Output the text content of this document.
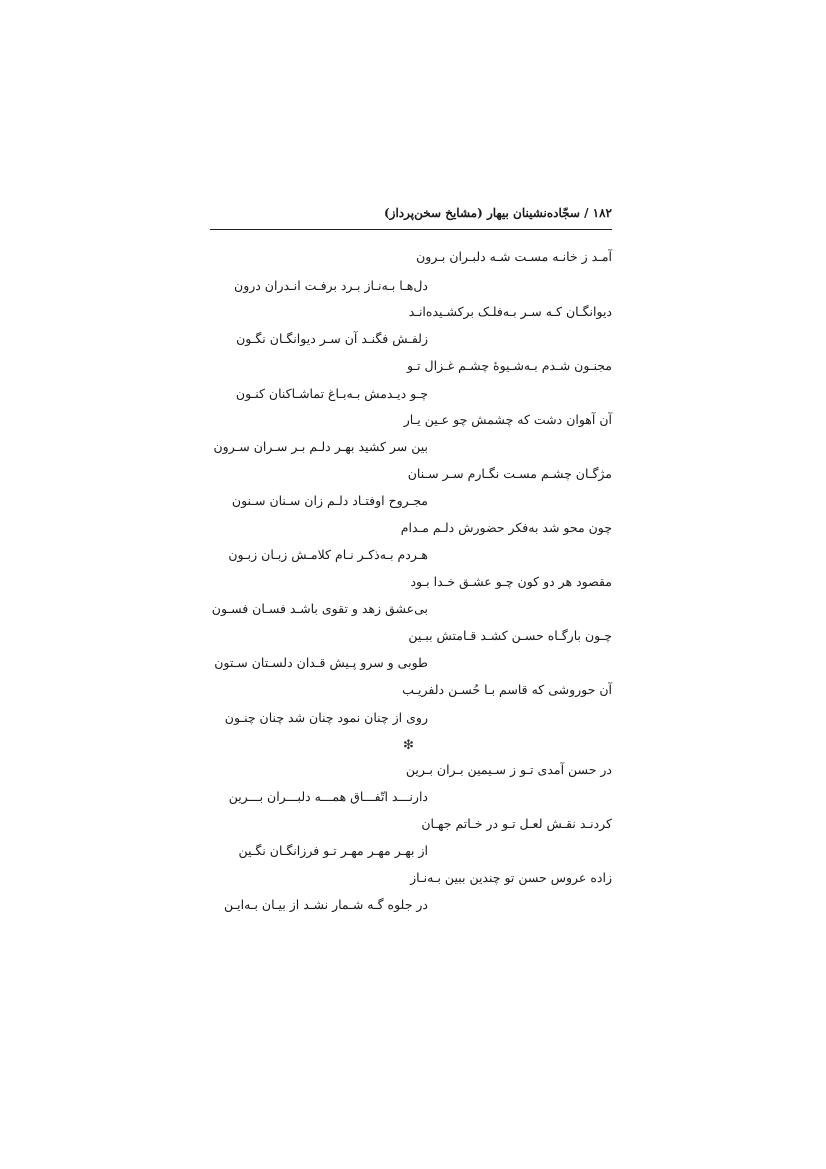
۱۸۲ / سجّاده‌نشینان بیهار (مشایخ سخن‌پرداز)
آمـد ز خانـه مسـت شـه دلبـران بـرون
دل‌هـا بـه‌نـاز بـرد برفـت انـدران درون
دیوانگـان کـه سـر بـه‌فلـک برکشـیده‌انـد
زلفـش فگنـد آن سـر دیوانگـان نگـون
مجنـون شـدم بـه‌شـیوهٔ چشـم غـزال تـو
چـو دیـدمش بـه‌بـاغ تماشـاکنان کنـون
آن آهوان دشت که چشمش چو عـین یـار
بین سر کشید بهـر دلـم بـر سـران سـرون
مژگـان چشـم مسـت نگـارم سـر سـنان
مجـروح اوفتـاد دلـم زان سـنان سـنون
چون محو شد به‌فکر حضورش دلـم مـدام
هـردم بـه‌ذکـر نـام کلامـش زبـان زبـون
مقصود هر دو کون چـو عشـق خـدا بـود
بی‌عشق زهد و تقوی باشـد فسـان فسـون
چـون بارگـاه حسـن کشـد قـامتش ببـین
طوبی و سرو پـیش قـدان دلسـتان سـتون
آن حوروشی که قاسم بـا حُسـن دلفریـب
روی از چنان نمود چنان شد چنان چنـون
❇
در حسن آمدی تـو ز سـیمین بـران بـرین
دارنـــد اتّفـــاق همـــه دلبـــران بـــرین
کردنـد نقـش لعـل تـو در خـاتم جهـان
از بهـر مهـر مهـر تـو فرزانگـان نگـین
زاده عروس حسن تو چندین ببین بـه‌نـاز
در جلوه گـه شـمار نشـد از بیـان بـه‌ایـن
